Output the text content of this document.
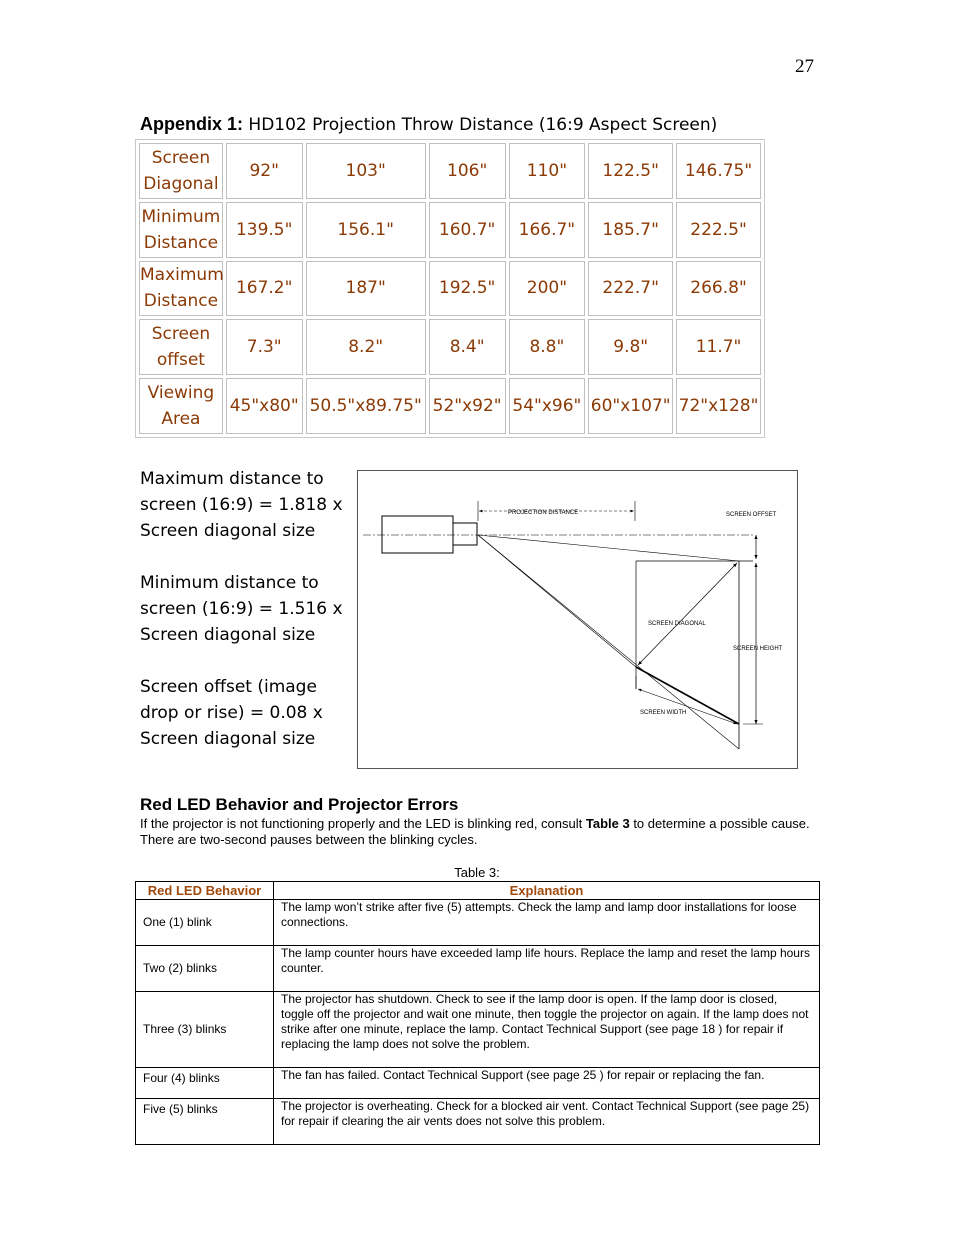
27
Appendix 1: HD102 Projection Throw Distance (16:9 Aspect Screen)
Screen Diagonal	92"	103"	106"	110"	122.5"	146.75"
Minimum Distance	139.5"	156.1"	160.7"	166.7"	185.7"	222.5"
Maximum Distance	167.2"	187"	192.5"	200"	222.7"	266.8"
Screen offset	7.3"	8.2"	8.4"	8.8"	9.8"	11.7"
Viewing Area	45"x80"	50.5"x89.75"	52"x92"	54"x96"	60"x107"	72"x128"

Maximum distance to screen (16:9) = 1.818 x Screen diagonal size

Minimum distance to screen (16:9) = 1.516 x Screen diagonal size

Screen offset (image drop or rise) = 0.08 x Screen diagonal size

PROJECTION DISTANCE	SCREEN OFFSET
SCREEN DIAGONAL
SCREEN HEIGHT
SCREEN WIDTH
Red LED Behavior and Projector Errors
If the projector is not functioning properly and the LED is blinking red, consult Table 3 to determine a possible cause. There are two-second pauses between the blinking cycles.
Table 3:
Red LED Behavior	Explanation
One (1) blink	The lamp won’t strike after five (5) attempts. Check the lamp and lamp door installations for loose connections.
Two (2) blinks	The lamp counter hours have exceeded lamp life hours. Replace the lamp and reset the lamp hours counter.
Three (3) blinks	The projector has shutdown. Check to see if the lamp door is open. If the lamp door is closed, toggle off the projector and wait one minute, then toggle the projector on again. If the lamp does not strike after one minute, replace the lamp. Contact Technical Support (see page 18 ) for repair if replacing the lamp does not solve the problem.
Four (4) blinks	The fan has failed. Contact Technical Support (see page 25 ) for repair or replacing the fan.
Five (5) blinks	The projector is overheating. Check for a blocked air vent. Contact Technical Support (see page 25) for repair if clearing the air vents does not solve this problem.
